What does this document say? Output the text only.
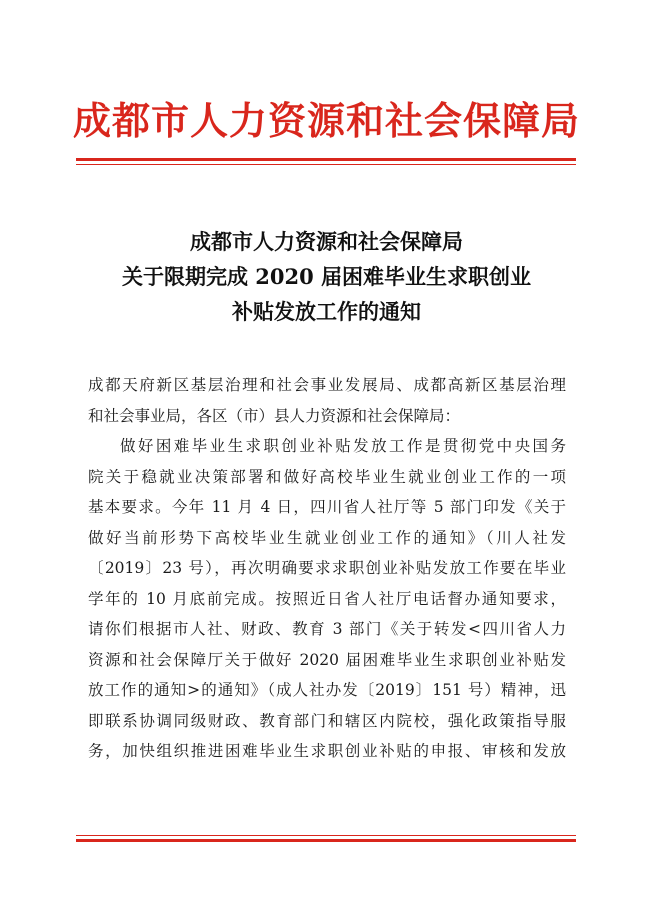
成都市人力资源和社会保障局
成都市人力资源和社会保障局
关于限期完成 2020 届困难毕业生求职创业
补贴发放工作的通知
成都天府新区基层治理和社会事业发展局、成都高新区基层治理
和社会事业局，各区（市）县人力资源和社会保障局：
做好困难毕业生求职创业补贴发放工作是贯彻党中央国务
院关于稳就业决策部署和做好高校毕业生就业创业工作的一项
基本要求。今年 11 月 4 日，四川省人社厅等 5 部门印发《关于
做好当前形势下高校毕业生就业创业工作的通知》（川人社发
〔2019〕23 号），再次明确要求求职创业补贴发放工作要在毕业
学年的 10 月底前完成。按照近日省人社厅电话督办通知要求，
请你们根据市人社、财政、教育 3 部门《关于转发<四川省人力
资源和社会保障厅关于做好 2020 届困难毕业生求职创业补贴发
放工作的通知>的通知》（成人社办发〔2019〕151 号）精神，迅
即联系协调同级财政、教育部门和辖区内院校，强化政策指导服
务，加快组织推进困难毕业生求职创业补贴的申报、审核和发放
